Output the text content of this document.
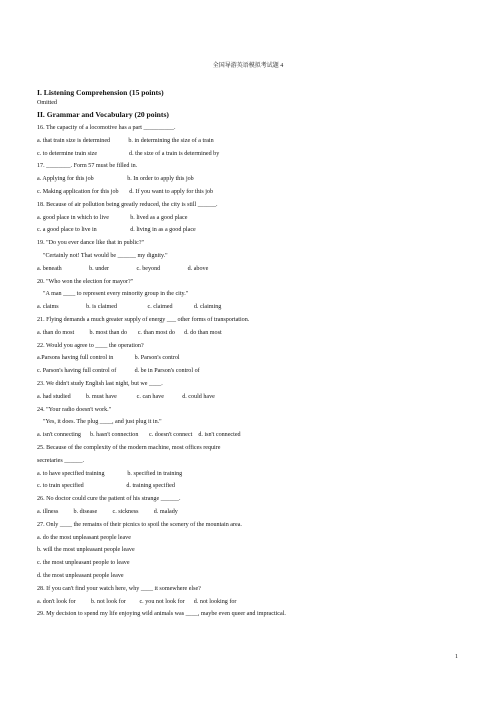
全国导游英语模拟考试题 4
I. Listening Comprehension (15 points)
Omitted
II. Grammar and Vocabulary (20 points)
16. The capacity of a locomotive has a part __________.
a. that train size is determined            b. in determining the size of a train
c. to determine train size                     d. the size of a train is determined by
17. ________. Form 57 must be filled in.
a. Applying for this job                      b. In order to apply this job
c. Making application for this job       d. If you want to apply for this job
18. Because of air pollution being greatly reduced, the city is still ______.
a. good place in which to live              b. lived as a good place
c. a good place to live in                      d. living in as a good place
19. "Do you ever dance like that in public?"
"Certainly not! That would be ______ my dignity."
a. beneath                  b. under                  c. beyond                  d. above
20. "Who won the election for mayor?"
"A man ____ to represent every minority group in the city."
a. claims                  b. is claimed                    c. claimed              d. claiming
21. Flying demands a much greater supply of energy ___ other forms of transportation.
a. than do most          b. most than do       c. than most do      d. do than most
22. Would you agree to ____ the operation?
a.Parsons having full control in              b. Parson's control
c. Parson's having full control of            d. be in Parson's control of
23. We didn't study English last night, but we ____.
a. had studied          b. must have             c. can have            d. could have
24. "Your radio doesn't work."
"Yes, it does. The plug ____, and just plug it in."
a. isn't connecting      b. hasn't connection       c. doesn't connect    d. isn't connected
25. Because of the complexity of the modern machine, most offices require
secretaries ______.
a. to have specified training               b. specified in training
c. to train specified                            d. training specified
26. No doctor could cure the patient of his strange ______.
a. illness          b. disease          c. sickness          d. malady
27. Only ____ the remains of their picnics to spoil the scenery of the mountain area.
a. do the most unpleasant people leave
b. will the most unpleasant people leave
c. the most unpleasant people to leave
d. the most unpleasant people leave
28. If you can't find your watch here, why ____ it somewhere else?
a. don't look for          b. not look for         c. you not look for      d. not looking for
29. My decision to spend my life enjoying wild animals was ____, maybe even queer and impractical.
1
